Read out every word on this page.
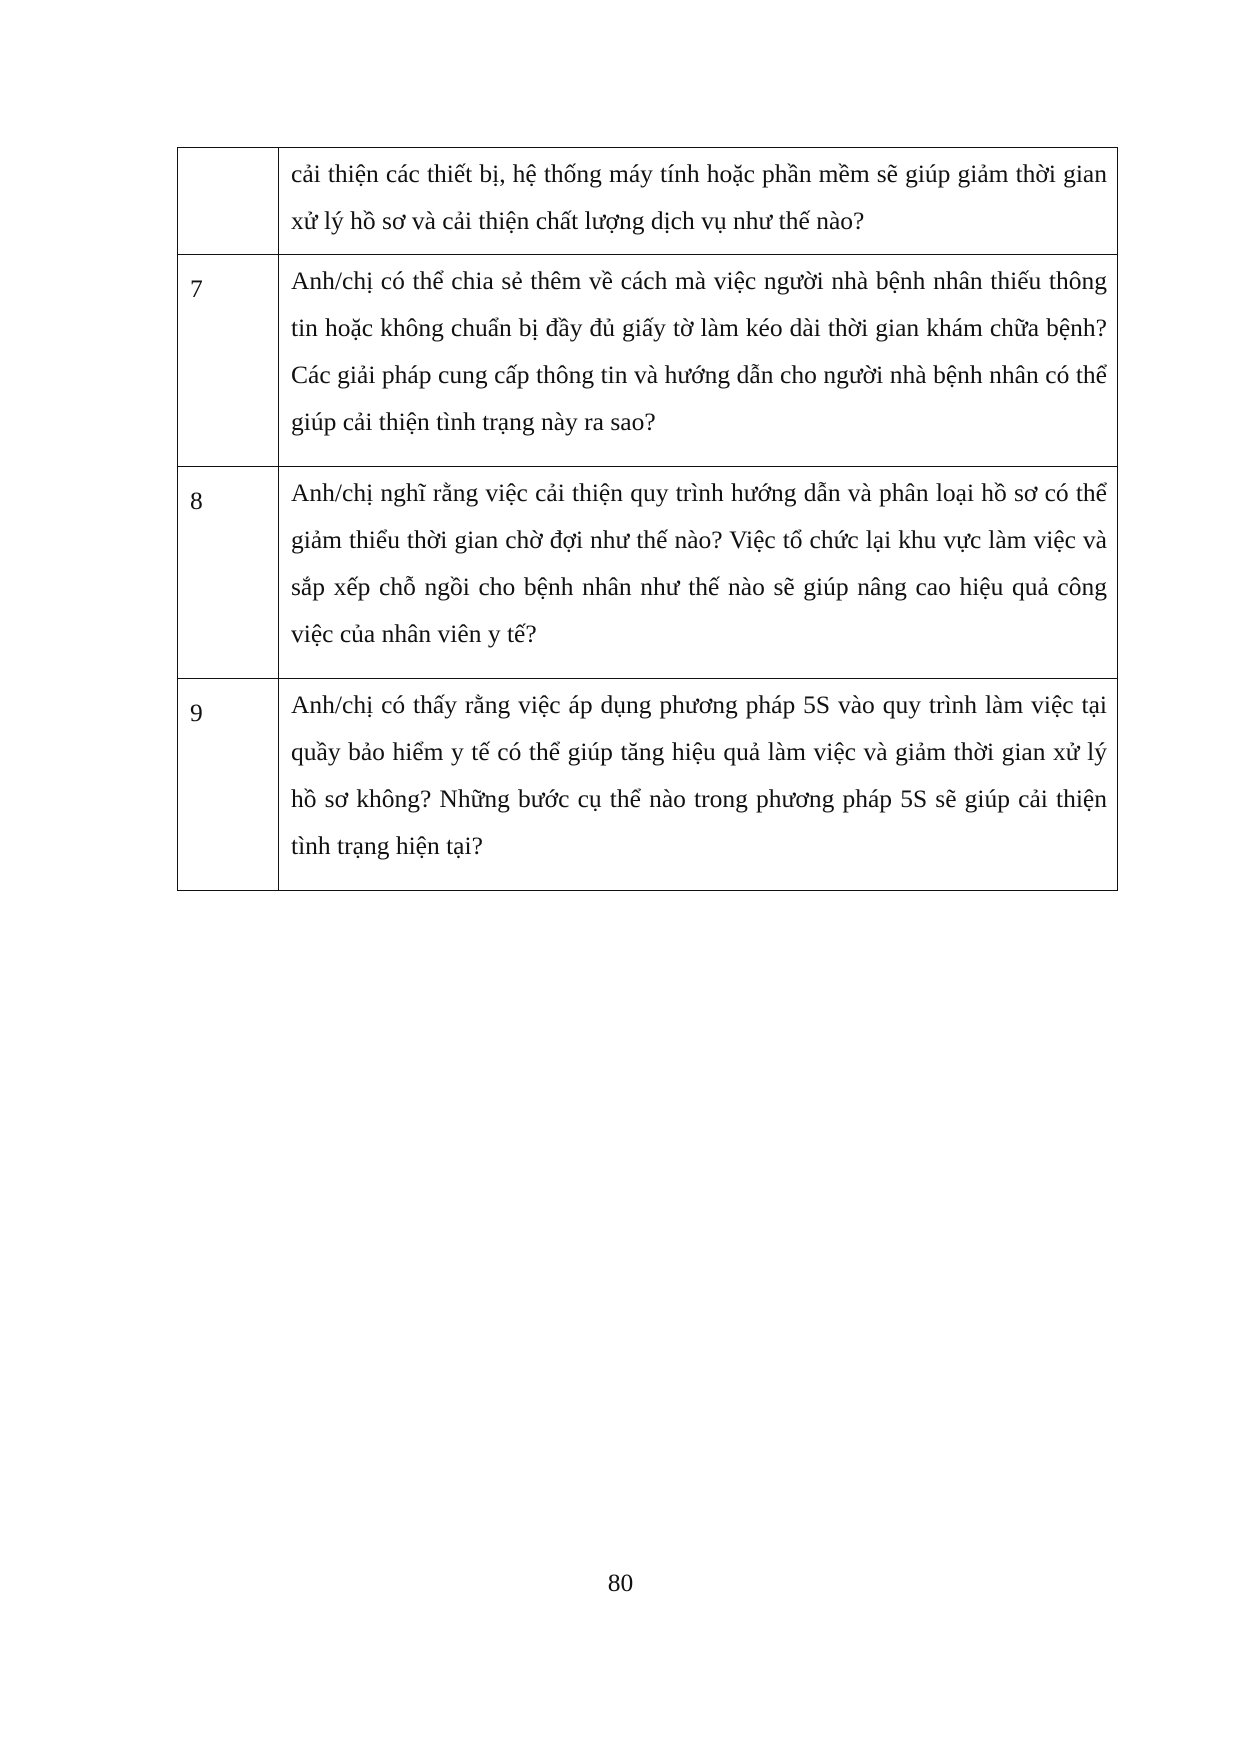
	cải thiện các thiết bị, hệ thống máy tính hoặc phần mềm sẽ giúp giảm thời gian xử lý hồ sơ và cải thiện chất lượng dịch vụ như thế nào?
7	Anh/chị có thể chia sẻ thêm về cách mà việc người nhà bệnh nhân thiếu thông tin hoặc không chuẩn bị đầy đủ giấy tờ làm kéo dài thời gian khám chữa bệnh? Các giải pháp cung cấp thông tin và hướng dẫn cho người nhà bệnh nhân có thể giúp cải thiện tình trạng này ra sao?
8	Anh/chị nghĩ rằng việc cải thiện quy trình hướng dẫn và phân loại hồ sơ có thể giảm thiểu thời gian chờ đợi như thế nào? Việc tổ chức lại khu vực làm việc và sắp xếp chỗ ngồi cho bệnh nhân như thế nào sẽ giúp nâng cao hiệu quả công việc của nhân viên y tế?
9	Anh/chị có thấy rằng việc áp dụng phương pháp 5S vào quy trình làm việc tại quầy bảo hiểm y tế có thể giúp tăng hiệu quả làm việc và giảm thời gian xử lý hồ sơ không? Những bước cụ thể nào trong phương pháp 5S sẽ giúp cải thiện tình trạng hiện tại?
80
